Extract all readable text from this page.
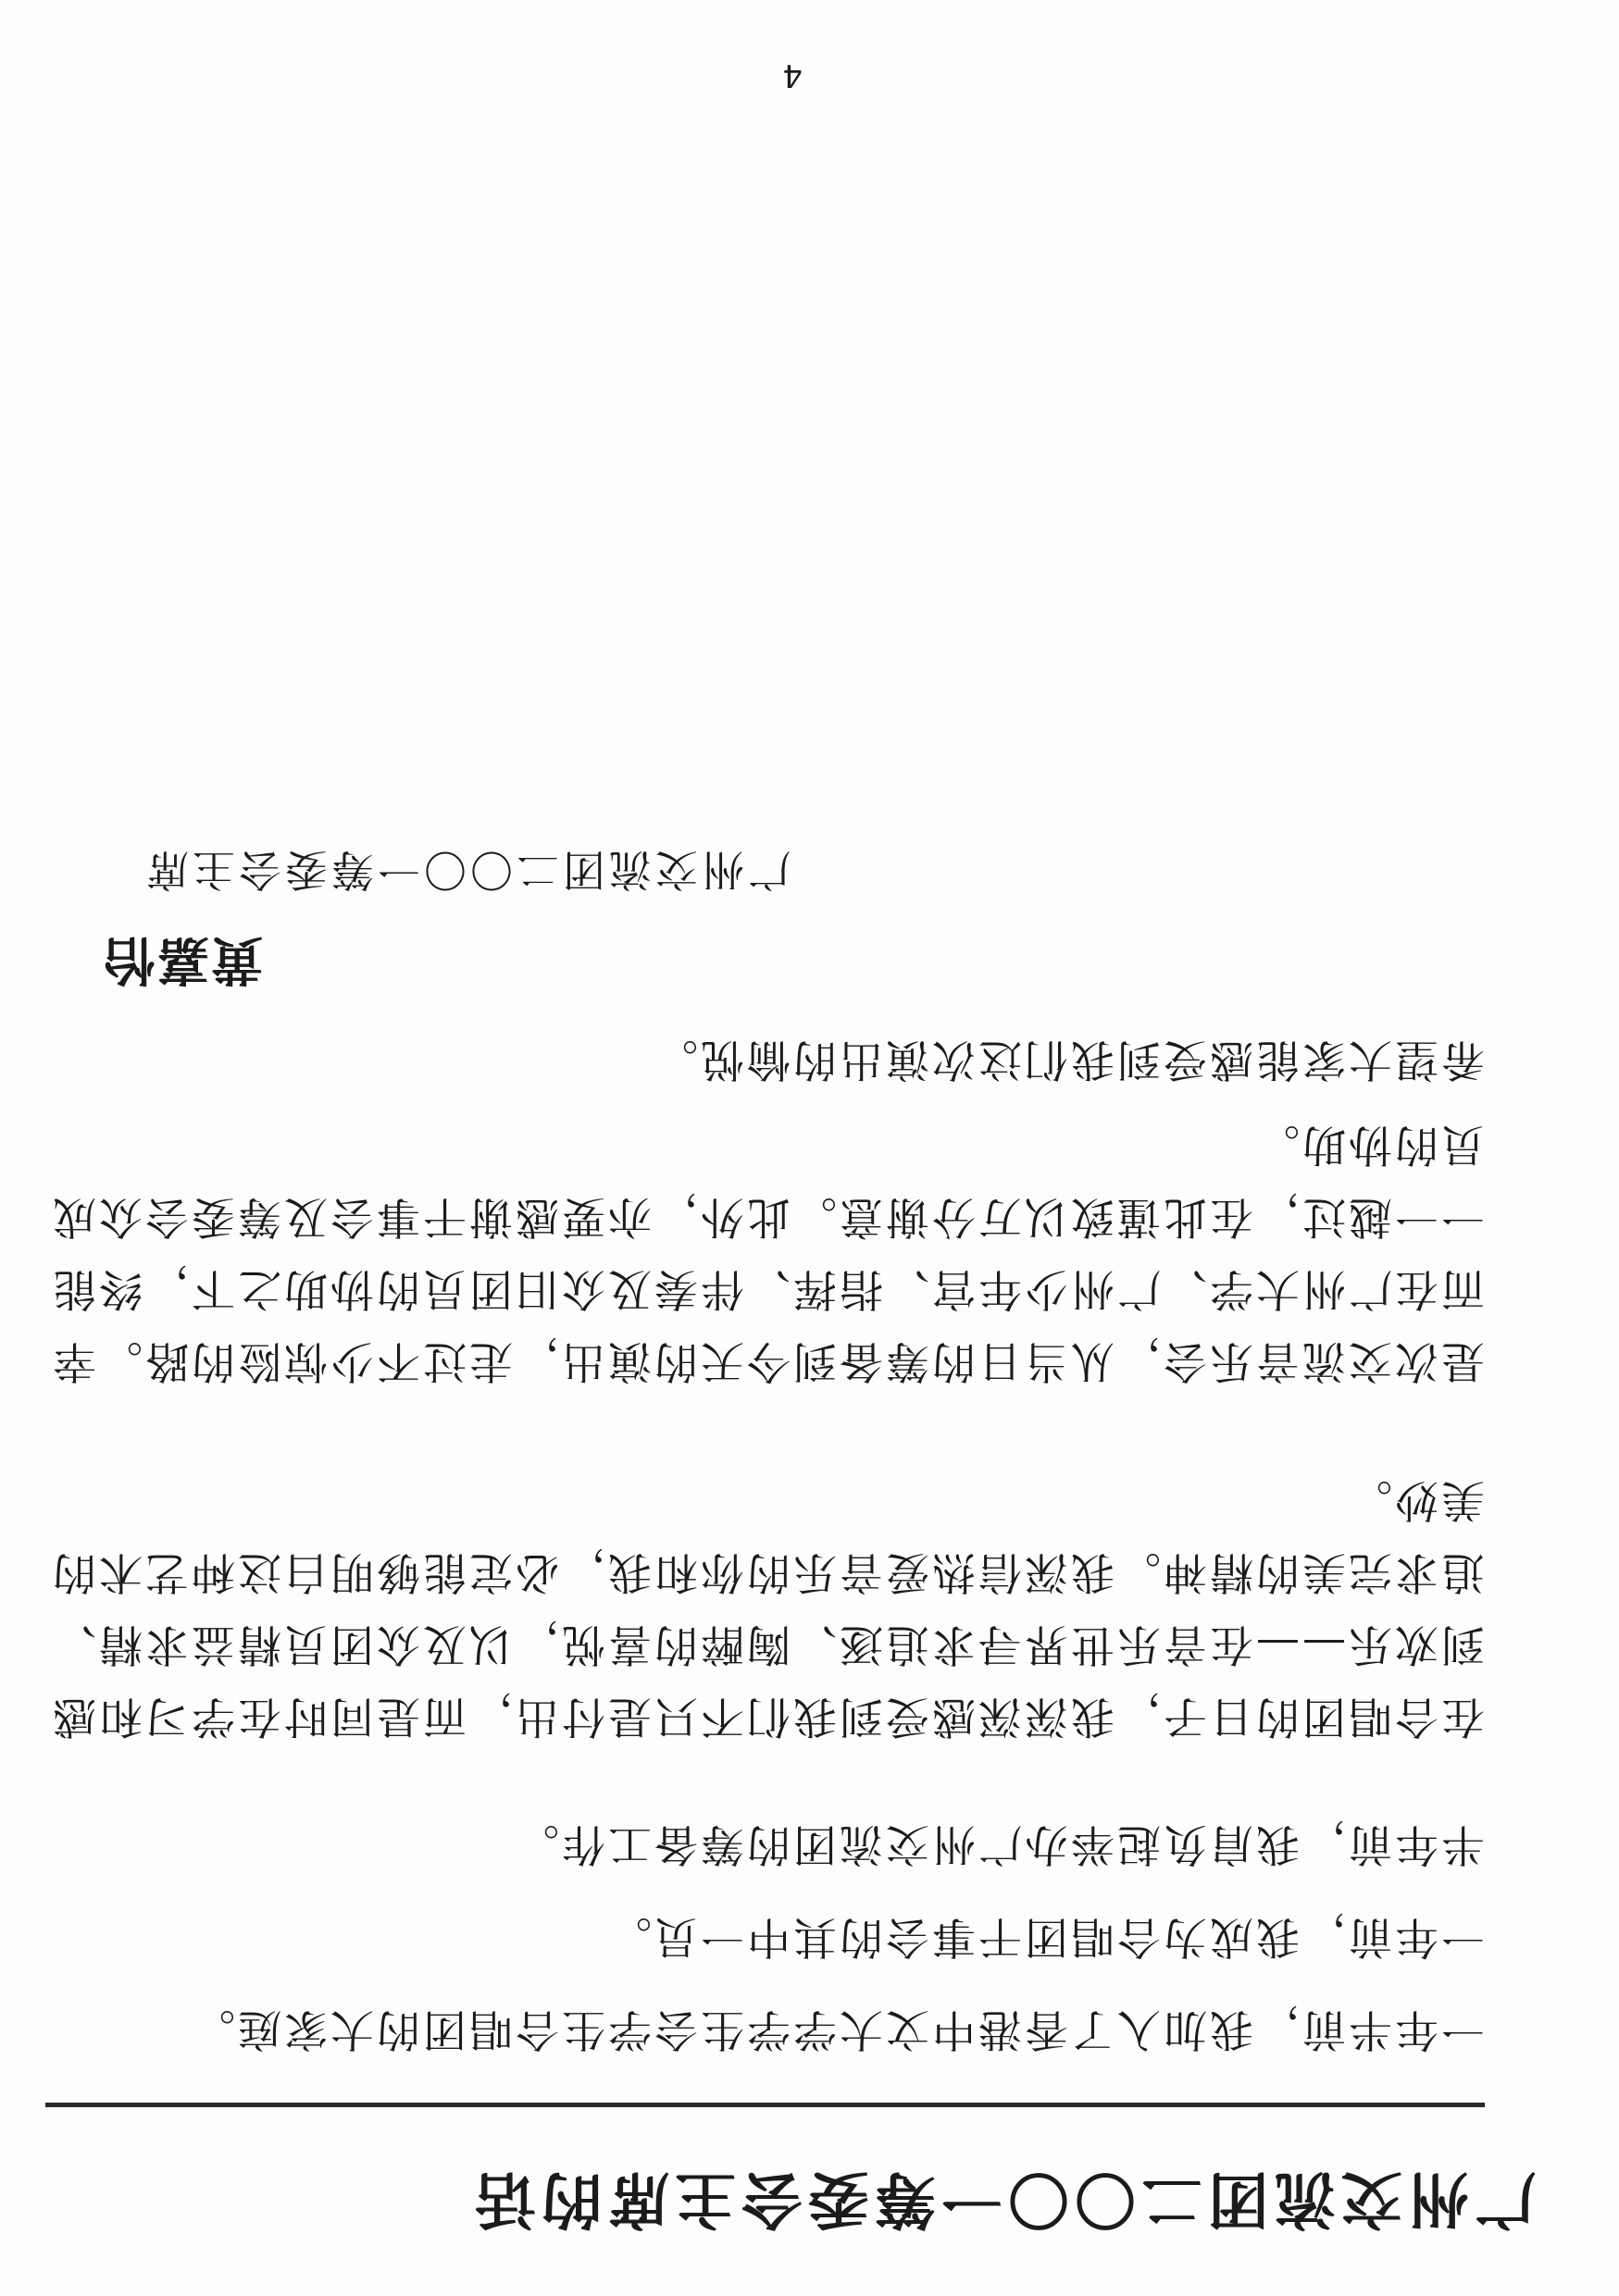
广州交流团二〇〇一筹委会主席的话

一年半前，我加入了香港中文大学学生会学生合唱团的大家庭。

一年前，我成为合唱团干事会的其中一员。

半年前，我肩负起举办广州交流团的筹备工作。

在合唱团的日子，我深深感受到我们不只是付出，而是同时在学习和感到欢乐——在音乐世界寻求追逐、陶醉的喜悦，以及众团员精益求精、追求完美的精神。我深信热爱音乐的你和我，必定能够明白这种艺术的美妙。

是次交流音乐会，从当日的筹备到今天的演出，走过不少惊险的路。幸而在广州大学、广州少年宫、指挥、伴奏及众旧团员的协助之下，终能一一越过，在此谨致以万分谢意。此外，亦要感谢干事会及筹委会众成员的协助。

希望大家能感受到我们这次演出的愉悦。

黄嘉怡

广州交流团二〇〇一筹委会主席

4
